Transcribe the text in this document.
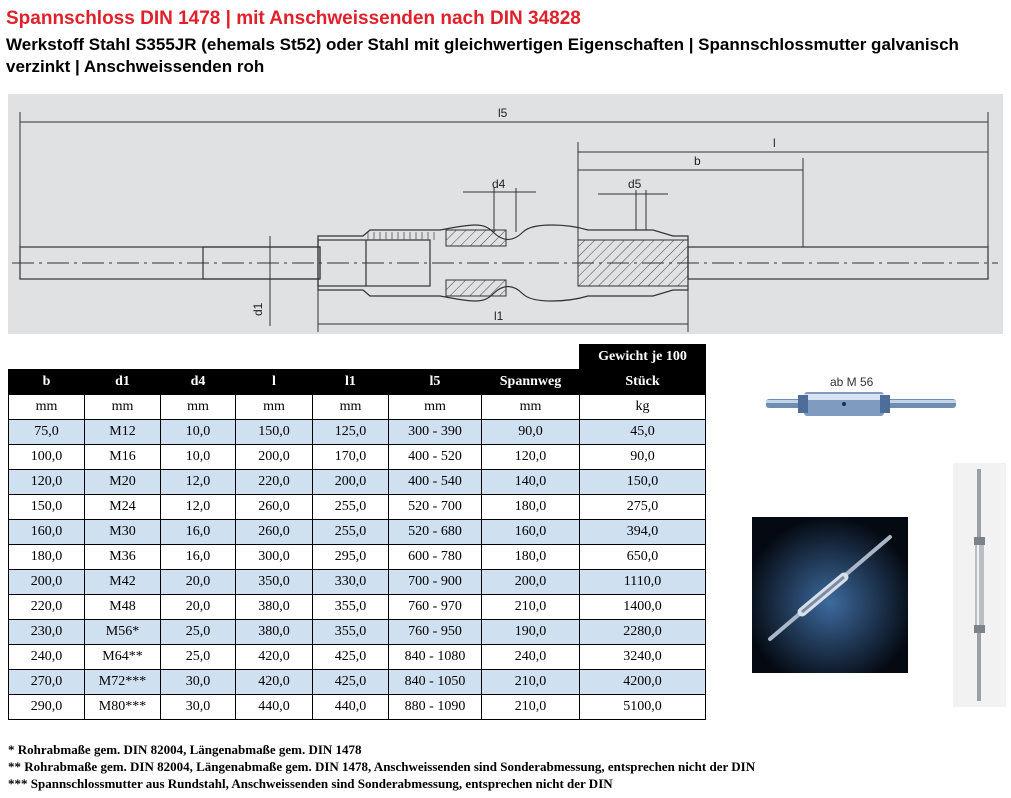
Spannschloss DIN 1478 | mit Anschweissenden nach DIN 34828
Werkstoff Stahl S355JR (ehemals St52) oder Stahl mit gleichwertigen Eigenschaften | Spannschlossmutter galvanisch verzinkt | Anschweissenden roh
l5
l
b
d4	d5
d1	l1
							Gewicht je 100
b	d1	d4	l	l1	l5	Spannweg	Stück
mm	mm	mm	mm	mm	mm	mm	kg
75,0	M12	10,0	150,0	125,0	300 - 390	90,0	45,0
100,0	M16	10,0	200,0	170,0	400 - 520	120,0	90,0
120,0	M20	12,0	220,0	200,0	400 - 540	140,0	150,0
150,0	M24	12,0	260,0	255,0	520 - 700	180,0	275,0
160,0	M30	16,0	260,0	255,0	520 - 680	160,0	394,0
180,0	M36	16,0	300,0	295,0	600 - 780	180,0	650,0
200,0	M42	20,0	350,0	330,0	700 - 900	200,0	1110,0
220,0	M48	20,0	380,0	355,0	760 - 970	210,0	1400,0
230,0	M56*	25,0	380,0	355,0	760 - 950	190,0	2280,0
240,0	M64**	25,0	420,0	425,0	840 - 1080	240,0	3240,0
270,0	M72***	30,0	420,0	425,0	840 - 1050	210,0	4200,0
290,0	M80***	30,0	440,0	440,0	880 - 1090	210,0	5100,0
ab M 56
* Rohrabmaße gem. DIN 82004, Längenabmaße gem. DIN 1478
** Rohrabmaße gem. DIN 82004, Längenabmaße gem. DIN 1478, Anschweissenden sind Sonderabmessung, entsprechen nicht der DIN
*** Spannschlossmutter aus Rundstahl, Anschweissenden sind Sonderabmessung, entsprechen nicht der DIN
